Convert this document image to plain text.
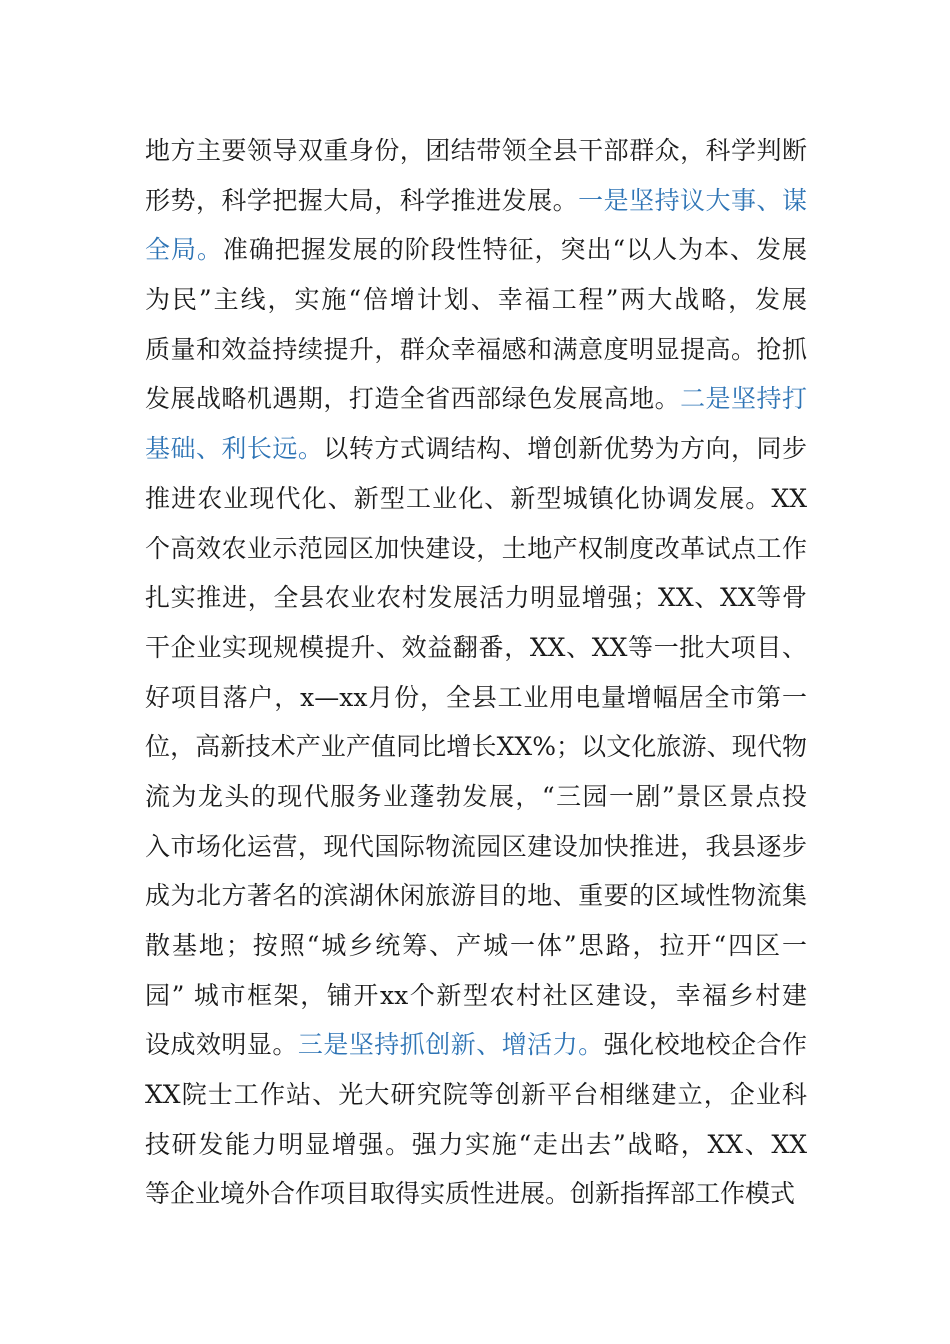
地方主要领导双重身份，团结带领全县干部群众，科学判断
形势，科学把握大局，科学推进发展。一是坚持议大事、谋
全局。准确把握发展的阶段性特征，突出“以人为本、发展
为民”主线，实施“倍增计划、幸福工程”两大战略，发展
质量和效益持续提升，群众幸福感和满意度明显提高。抢抓
发展战略机遇期，打造全省西部绿色发展高地。二是坚持打
基础、利长远。以转方式调结构、增创新优势为方向，同步
推进农业现代化、新型工业化、新型城镇化协调发展。XX
个高效农业示范园区加快建设，土地产权制度改革试点工作
扎实推进，全县农业农村发展活力明显增强；XX、XX等骨
干企业实现规模提升、效益翻番，XX、XX等一批大项目、
好项目落户，x—xx月份，全县工业用电量增幅居全市第一
位，高新技术产业产值同比增长XX%；以文化旅游、现代物
流为龙头的现代服务业蓬勃发展，“三园一剧”景区景点投
入市场化运营，现代国际物流园区建设加快推进，我县逐步
成为北方著名的滨湖休闲旅游目的地、重要的区域性物流集
散基地；按照“城乡统筹、产城一体”思路，拉开“四区一
园” 城市框架，铺开xx个新型农村社区建设，幸福乡村建
设成效明显。三是坚持抓创新、增活力。强化校地校企合作
XX院士工作站、光大研究院等创新平台相继建立，企业科
技研发能力明显增强。强力实施“走出去”战略，XX、XX
等企业境外合作项目取得实质性进展。创新指挥部工作模式
